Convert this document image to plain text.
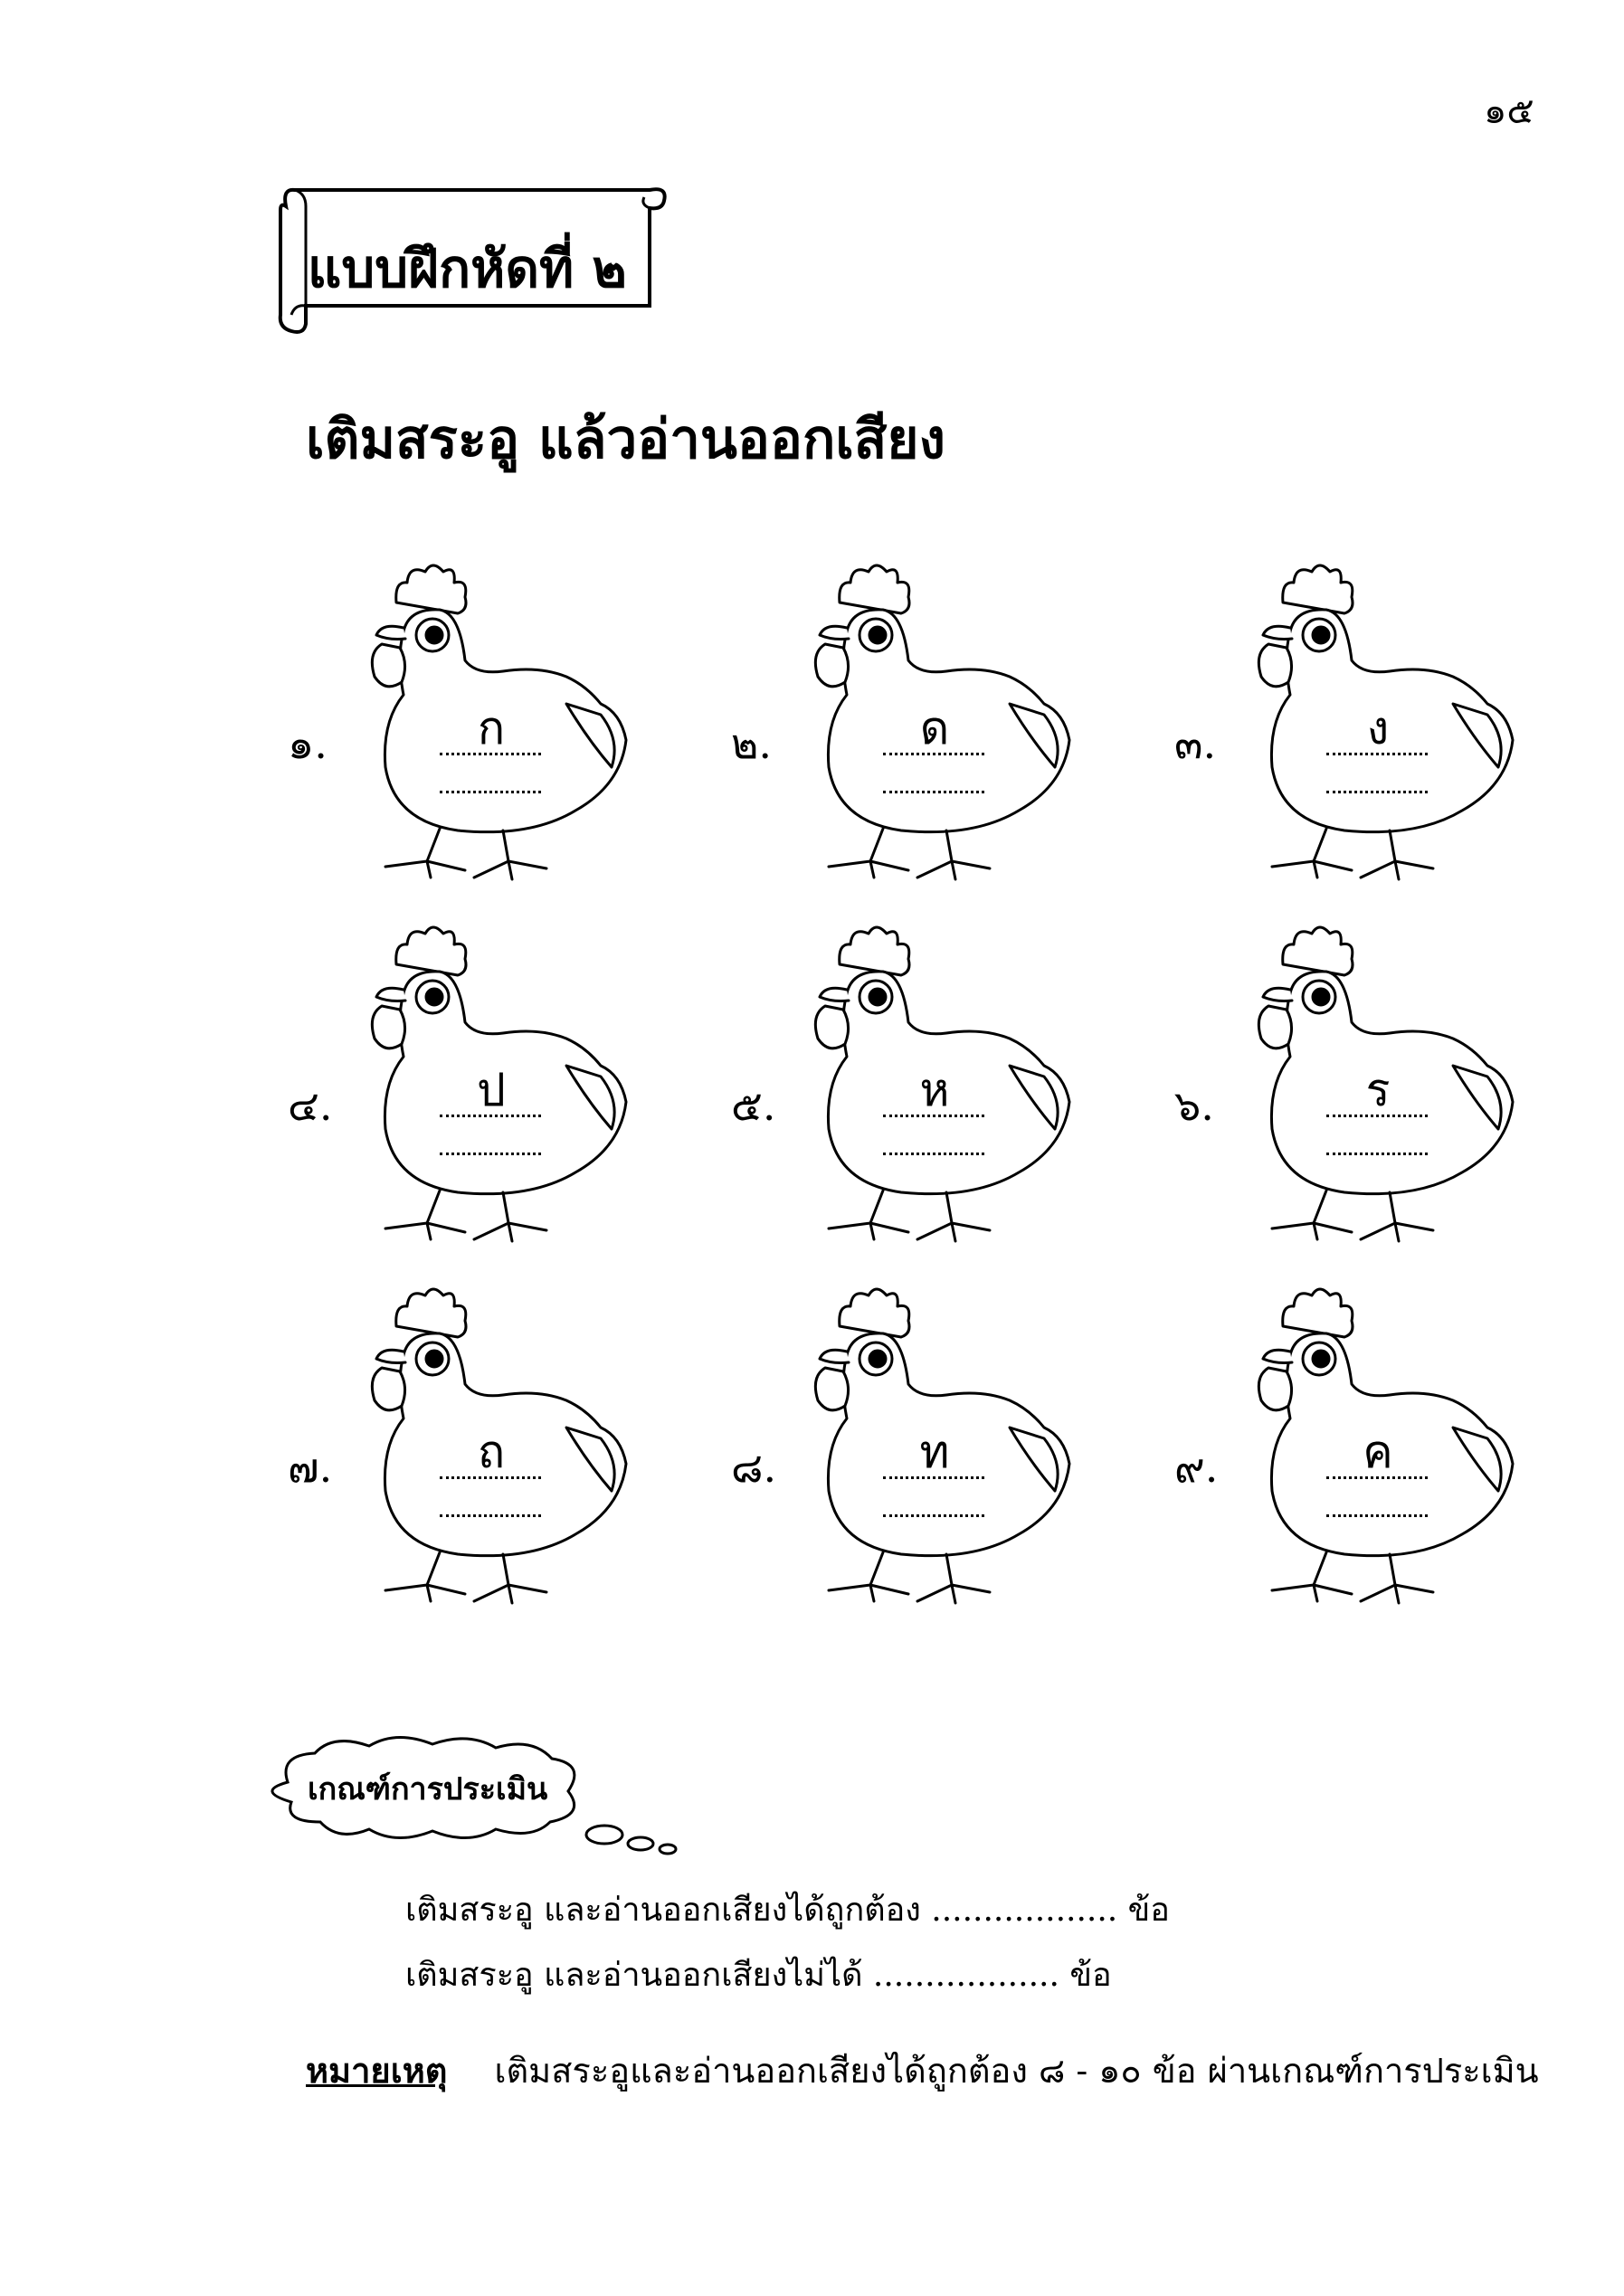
๑๕
แบบฝึกหัดที่ ๒
เติมสระอู แล้วอ่านออกเสียง
๑.	ก	๒.	ด	๓.	ง
๔.	ป	๕.	ห	๖.	ร
๗.	ถ	๘.	ท	๙.	ค
เกณฑ์การประเมิน
เติมสระอู และอ่านออกเสียงได้ถูกต้อง .................. ข้อ
เติมสระอู และอ่านออกเสียงไม่ได้ .................. ข้อ
หมายเหตุ เติมสระอูและอ่านออกเสียงได้ถูกต้อง ๘ - ๑๐ ข้อ ผ่านเกณฑ์การประเมิน
